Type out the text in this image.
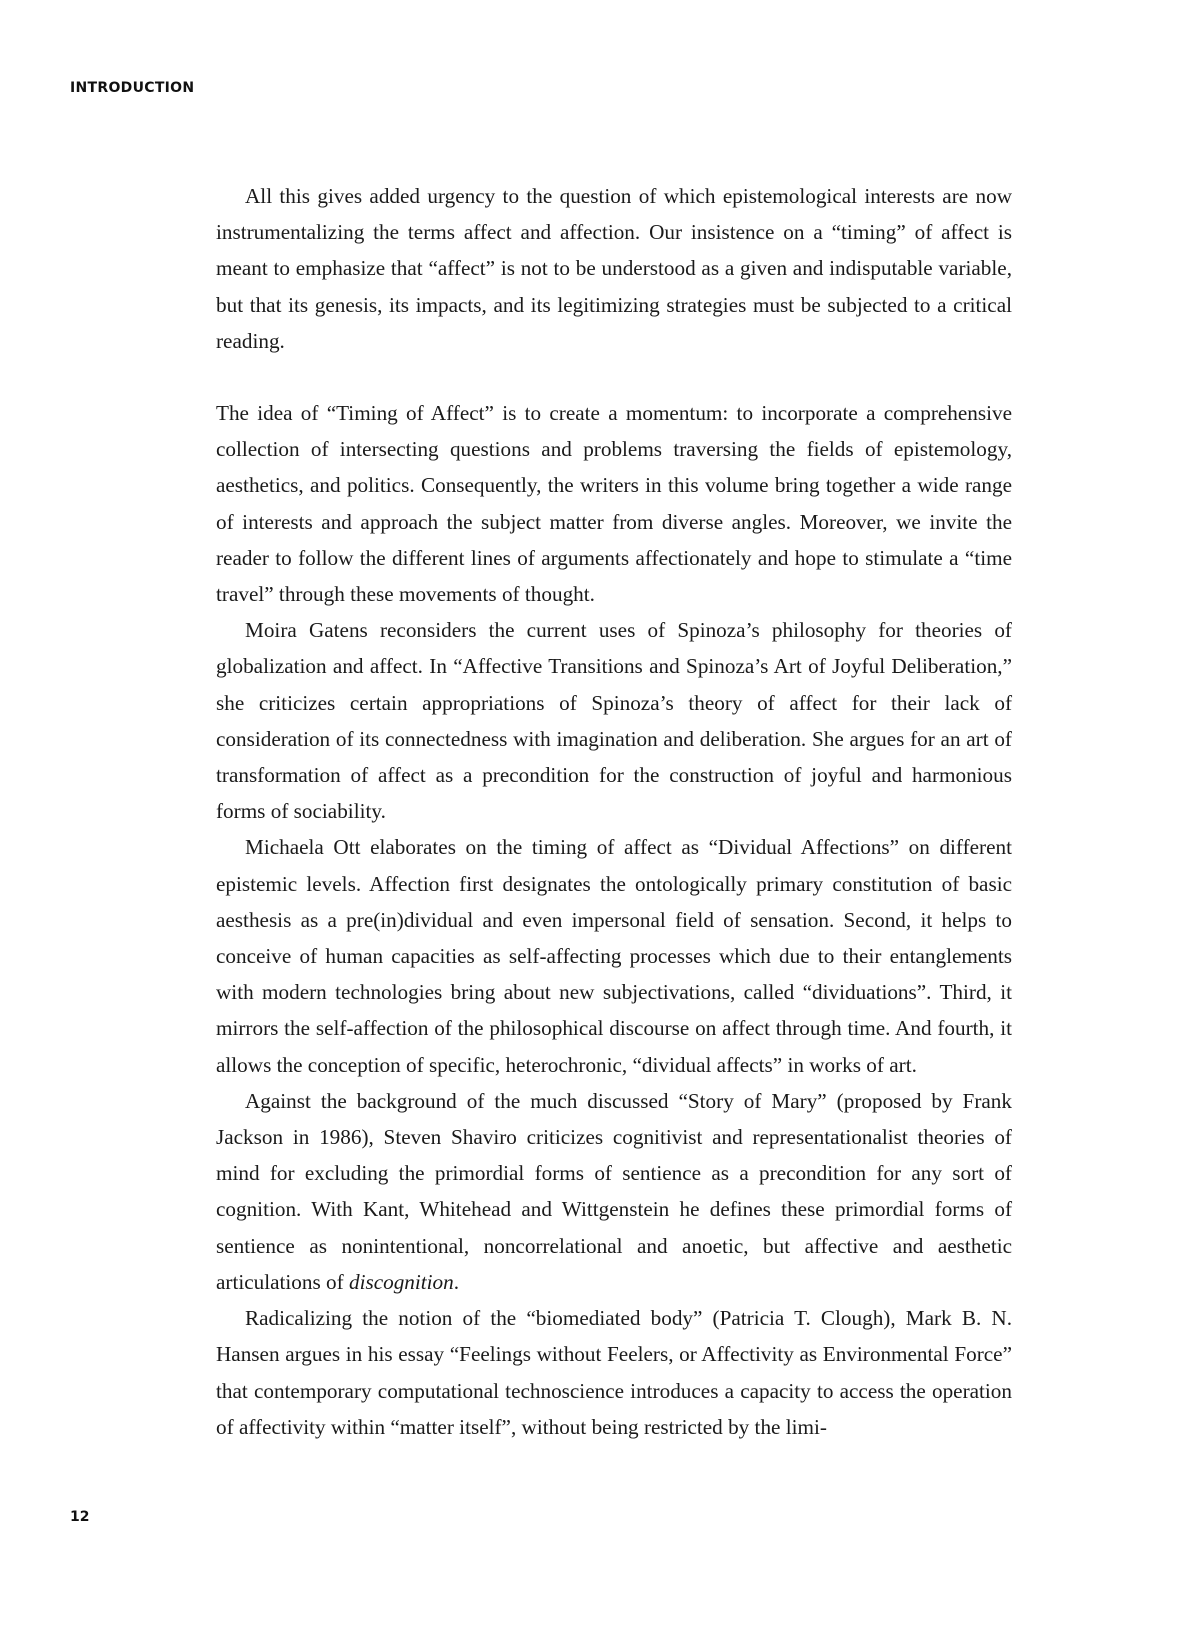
INTRODUCTION

All this gives added urgency to the question of which epistemological interests are now instrumentalizing the terms affect and affection. Our insistence on a “timing” of affect is meant to emphasize that “affect” is not to be understood as a given and indisputable variable, but that its genesis, its impacts, and its legitimizing strategies must be subjected to a critical reading.

The idea of “Timing of Affect” is to create a momentum: to incorporate a comprehensive collection of intersecting questions and problems traversing the fields of epistemology, aesthetics, and politics. Consequently, the writers in this volume bring together a wide range of interests and approach the subject matter from diverse angles. Moreover, we invite the reader to follow the different lines of arguments affectionately and hope to stimulate a “time travel” through these movements of thought.

Moira Gatens reconsiders the current uses of Spinoza’s philosophy for theories of globalization and affect. In “Affective Transitions and Spinoza’s Art of Joyful Deliberation,” she criticizes certain appropriations of Spinoza’s theory of affect for their lack of consideration of its connectedness with imagination and deliberation. She argues for an art of transformation of affect as a precondition for the construction of joyful and harmonious forms of sociability.

Michaela Ott elaborates on the timing of affect as “Dividual Affections” on different epistemic levels. Affection first designates the ontologically primary constitution of basic aesthesis as a pre(in)dividual and even impersonal field of sensation. Second, it helps to conceive of human capacities as self-affecting processes which due to their entanglements with modern technologies bring about new subjectivations, called “dividuations”. Third, it mirrors the self-affection of the philosophical discourse on affect through time. And fourth, it allows the conception of specific, heterochronic, “dividual affects” in works of art.

Against the background of the much discussed “Story of Mary” (proposed by Frank Jackson in 1986), Steven Shaviro criticizes cognitivist and representationalist theories of mind for excluding the primordial forms of sentience as a precondition for any sort of cognition. With Kant, Whitehead and Wittgenstein he defines these primordial forms of sentience as nonintentional, noncorrelational and anoetic, but affective and aesthetic articulations of discognition.

Radicalizing the notion of the “biomediated body” (Patricia T. Clough), Mark B. N. Hansen argues in his essay “Feelings without Feelers, or Affectivity as Environmental Force” that contemporary computational technoscience introduces a capacity to access the operation of affectivity within “matter itself”, without being restricted by the limi-

12
